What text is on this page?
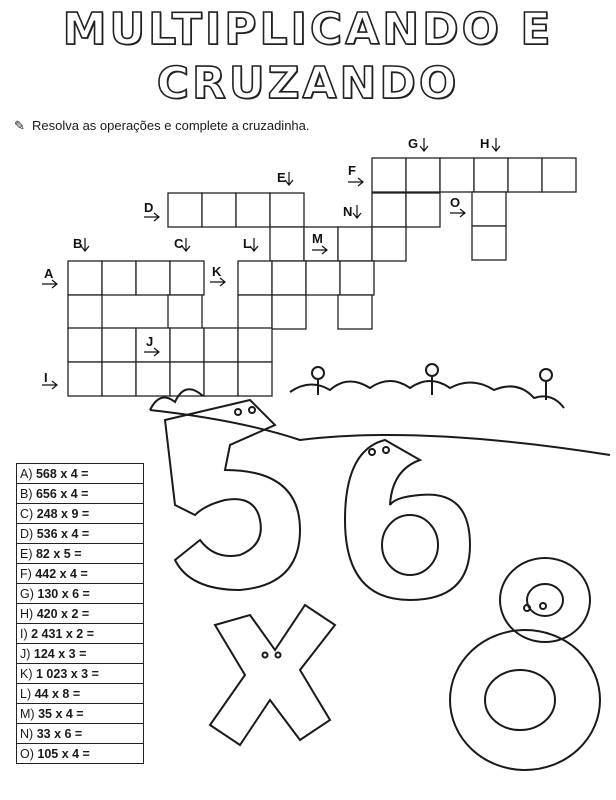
MULTIPLICANDO E
CRUZANDO
✎ Resolva as operações e complete a cruzadinha.
G	H
E	F
D	N
O
B	C	L	M
A	K
J
I
A) 568 x 4 =
B) 656 x 4 =
C) 248 x 9 =
D) 536 x 4 =
E) 82 x 5 =
F) 442 x 4 =
G) 130 x 6 =
H) 420 x 2 =
I) 2 431 x 2 =
J) 124 x 3 =
K) 1 023 x 3 =
L) 44 x 8 =
M) 35 x 4 =
N) 33 x 6 =
O) 105 x 4 =
